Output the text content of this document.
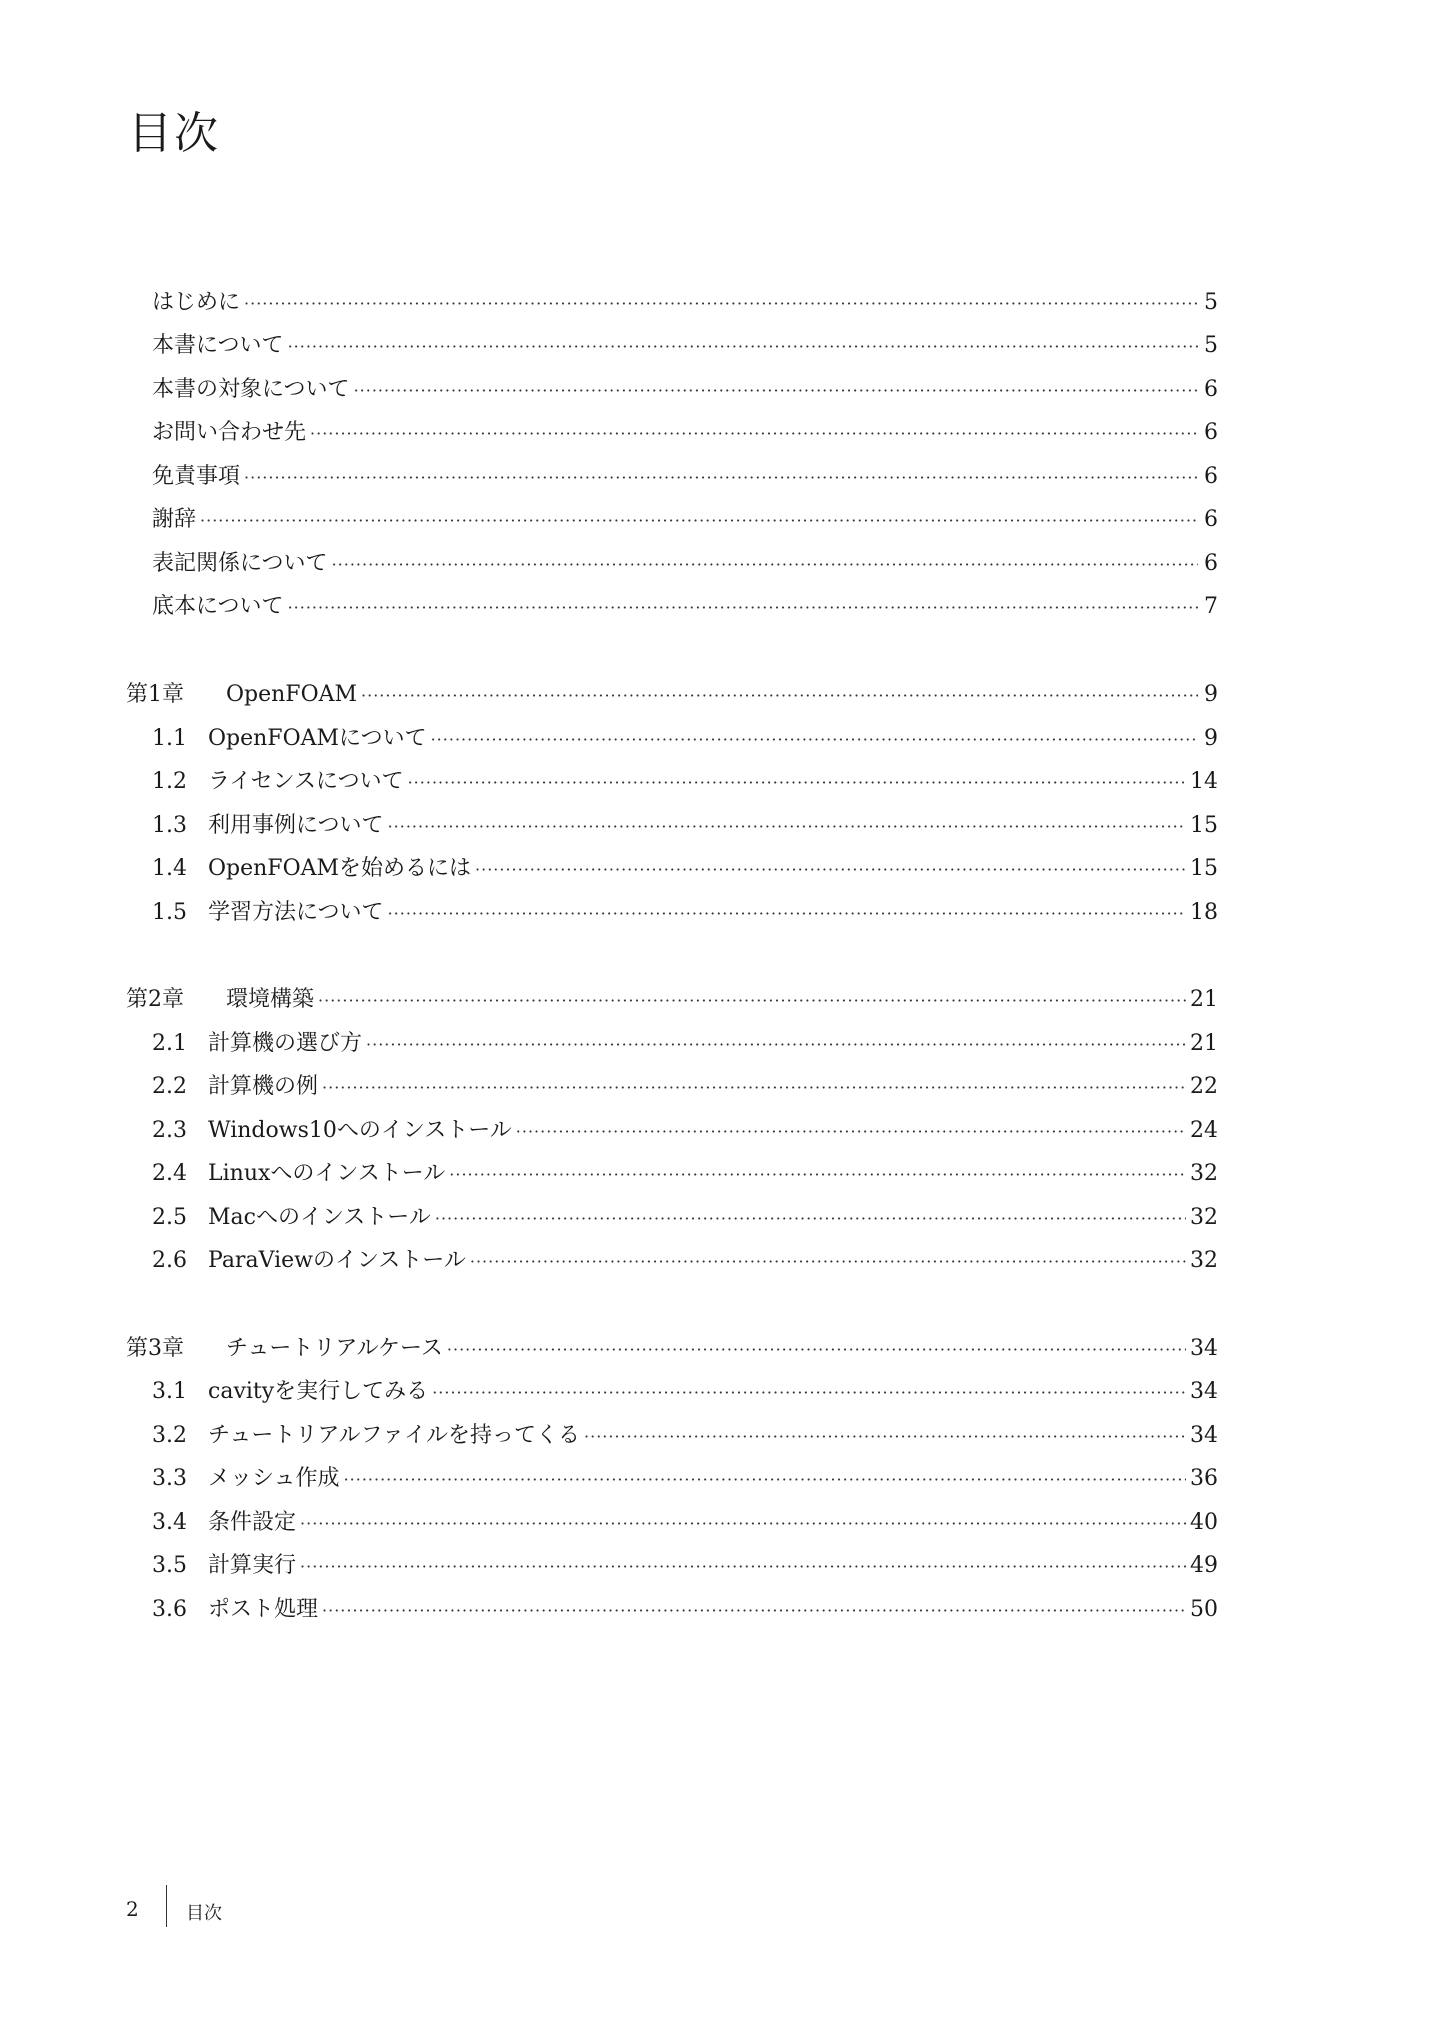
目次
はじめに ·····	5
本書について ·····	5
本書の対象について ·····	6
お問い合わせ先 ·····	6
免責事項 ·····	6
謝辞 ·····	6
表記関係について ·····	6
底本について ·····	7
第1章	OpenFOAM ·····	9
1.1 OpenFOAMについて ·····	9
1.2 ライセンスについて ·····	14
1.3 利用事例について ·····	15
1.4 OpenFOAMを始めるには ·····	15
1.5 学習方法について ·····	18
第2章	環境構築 ·····	21
2.1 計算機の選び方 ·····	21
2.2 計算機の例 ·····	22
2.3 Windows10へのインストール ·····	24
2.4 Linuxへのインストール ·····	32
2.5 Macへのインストール ·····	32
2.6 ParaViewのインストール ·····	32
第3章	チュートリアルケース ·····	34
3.1 cavityを実行してみる ·····	34
3.2 チュートリアルファイルを持ってくる ·····	34
3.3 メッシュ作成 ·····	36
3.4 条件設定 ·····	40
3.5 計算実行 ·····	49
3.6 ポスト処理 ·····	50
2	目次
